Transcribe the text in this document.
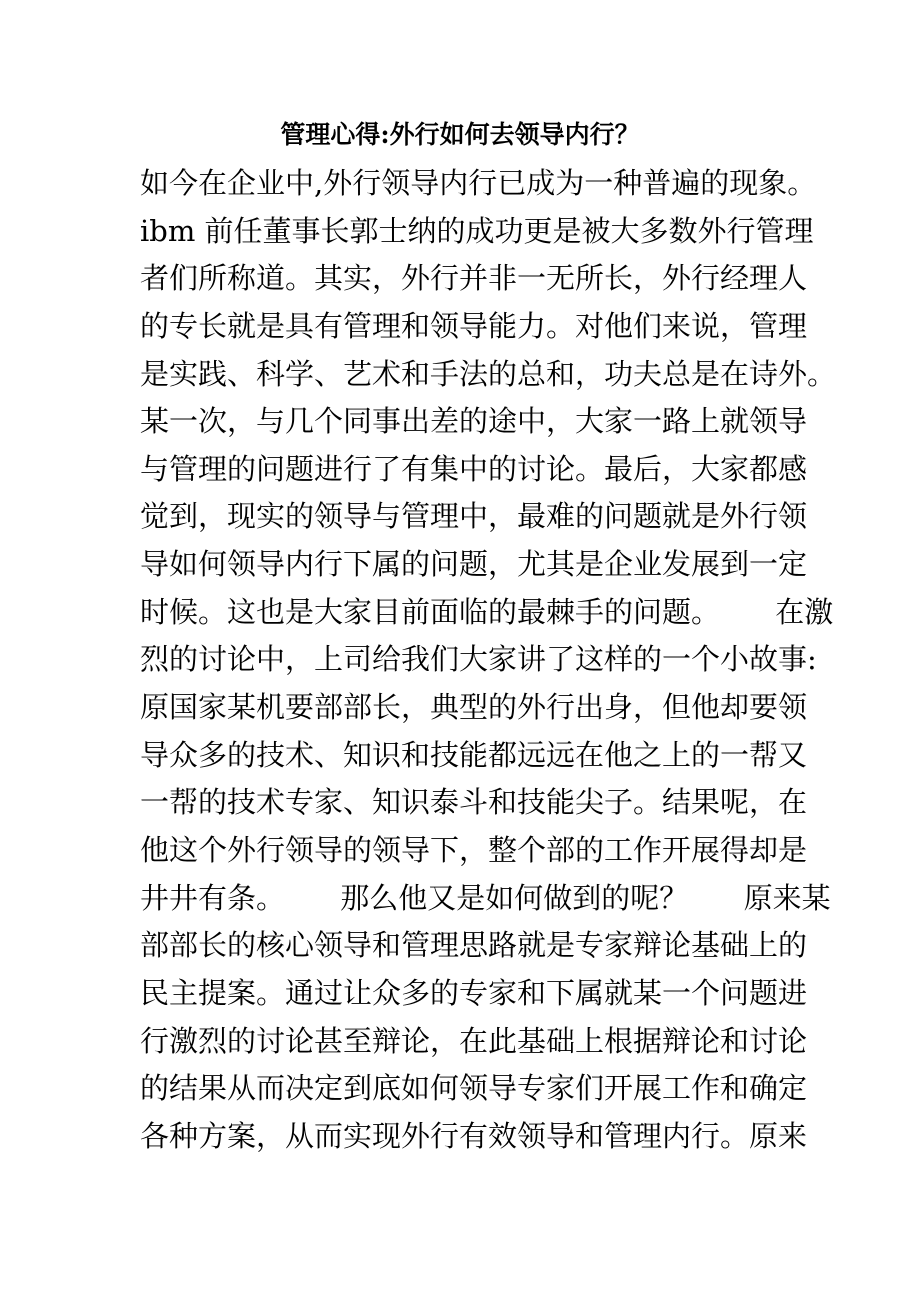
管理心得:外行如何去领导内行？
如今在企业中,外行领导内行已成为一种普遍的现象。
ibm 前任董事长郭士纳的成功更是被大多数外行管理
者们所称道。其实，外行并非一无所长，外行经理人
的专长就是具有管理和领导能力。对他们来说，管理
是实践、科学、艺术和手法的总和，功夫总是在诗外。
某一次，与几个同事出差的途中，大家一路上就领导
与管理的问题进行了有集中的讨论。最后，大家都感
觉到，现实的领导与管理中，最难的问题就是外行领
导如何领导内行下属的问题，尤其是企业发展到一定
时候。这也是大家目前面临的最棘手的问题。      在激
烈的讨论中，上司给我们大家讲了这样的一个小故事:
原国家某机要部部长，典型的外行出身，但他却要领
导众多的技术、知识和技能都远远在他之上的一帮又
一帮的技术专家、知识泰斗和技能尖子。结果呢，在
他这个外行领导的领导下，整个部的工作开展得却是
井井有条。      那么他又是如何做到的呢？      原来某
部部长的核心领导和管理思路就是专家辩论基础上的
民主提案。通过让众多的专家和下属就某一个问题进
行激烈的讨论甚至辩论，在此基础上根据辩论和讨论
的结果从而决定到底如何领导专家们开展工作和确定
各种方案，从而实现外行有效领导和管理内行。原来
